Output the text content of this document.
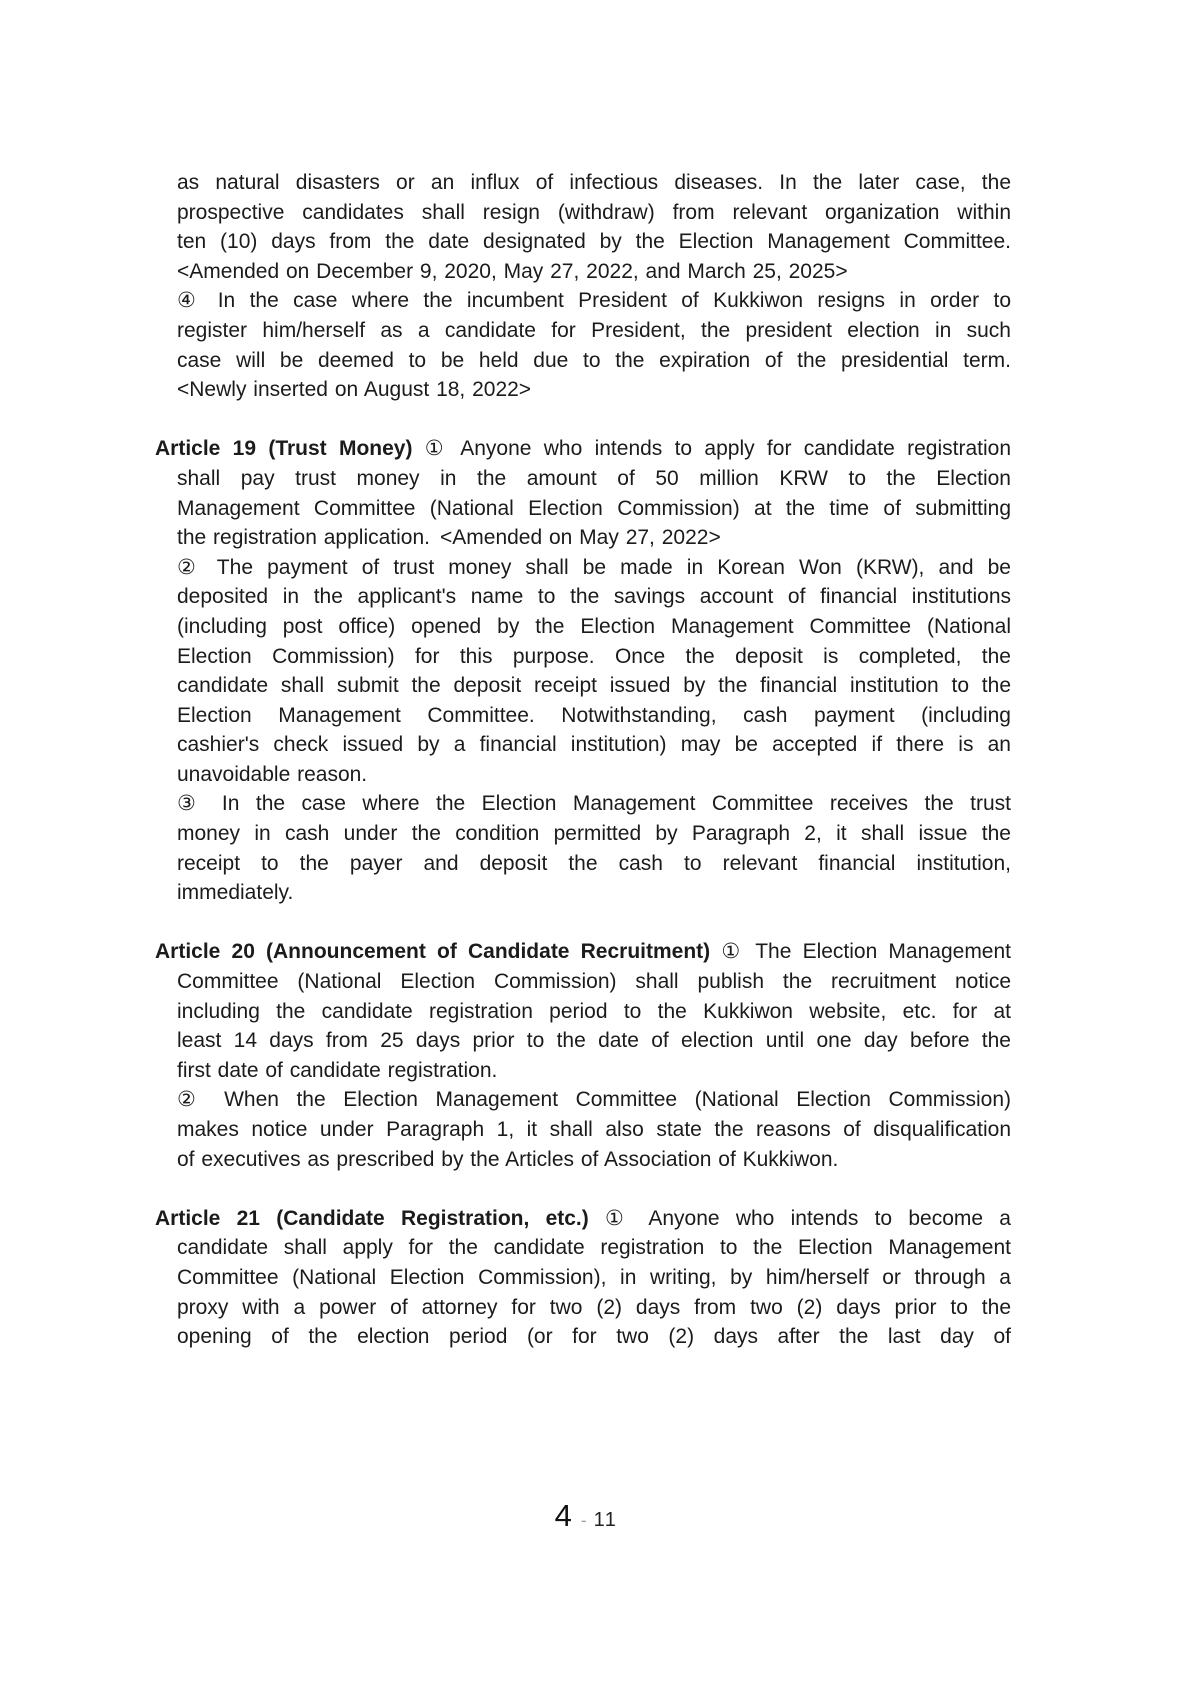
as natural disasters or an influx of infectious diseases. In the later case, the
prospective candidates shall resign (withdraw) from relevant organization within
ten (10) days from the date designated by the Election Management Committee.
<Amended on December 9, 2020, May 27, 2022, and March 25, 2025>
④ In the case where the incumbent President of Kukkiwon resigns in order to
register him/herself as a candidate for President, the president election in such
case will be deemed to be held due to the expiration of the presidential term.
<Newly inserted on August 18, 2022>
Article 19 (Trust Money) ① Anyone who intends to apply for candidate registration
shall pay trust money in the amount of 50 million KRW to the Election
Management Committee (National Election Commission) at the time of submitting
the registration application. <Amended on May 27, 2022>
② The payment of trust money shall be made in Korean Won (KRW), and be
deposited in the applicant's name to the savings account of financial institutions
(including post office) opened by the Election Management Committee (National
Election Commission) for this purpose. Once the deposit is completed, the
candidate shall submit the deposit receipt issued by the financial institution to the
Election Management Committee. Notwithstanding, cash payment (including
cashier's check issued by a financial institution) may be accepted if there is an
unavoidable reason.
③ In the case where the Election Management Committee receives the trust
money in cash under the condition permitted by Paragraph 2, it shall issue the
receipt to the payer and deposit the cash to relevant financial institution,
immediately.
Article 20 (Announcement of Candidate Recruitment) ① The Election Management
Committee (National Election Commission) shall publish the recruitment notice
including the candidate registration period to the Kukkiwon website, etc. for at
least 14 days from 25 days prior to the date of election until one day before the
first date of candidate registration.
② When the Election Management Committee (National Election Commission)
makes notice under Paragraph 1, it shall also state the reasons of disqualification
of executives as prescribed by the Articles of Association of Kukkiwon.
Article 21 (Candidate Registration, etc.) ① Anyone who intends to become a
candidate shall apply for the candidate registration to the Election Management
Committee (National Election Commission), in writing, by him/herself or through a
proxy with a power of attorney for two (2) days from two (2) days prior to the
opening of the election period (or for two (2) days after the last day of
4 - 11
